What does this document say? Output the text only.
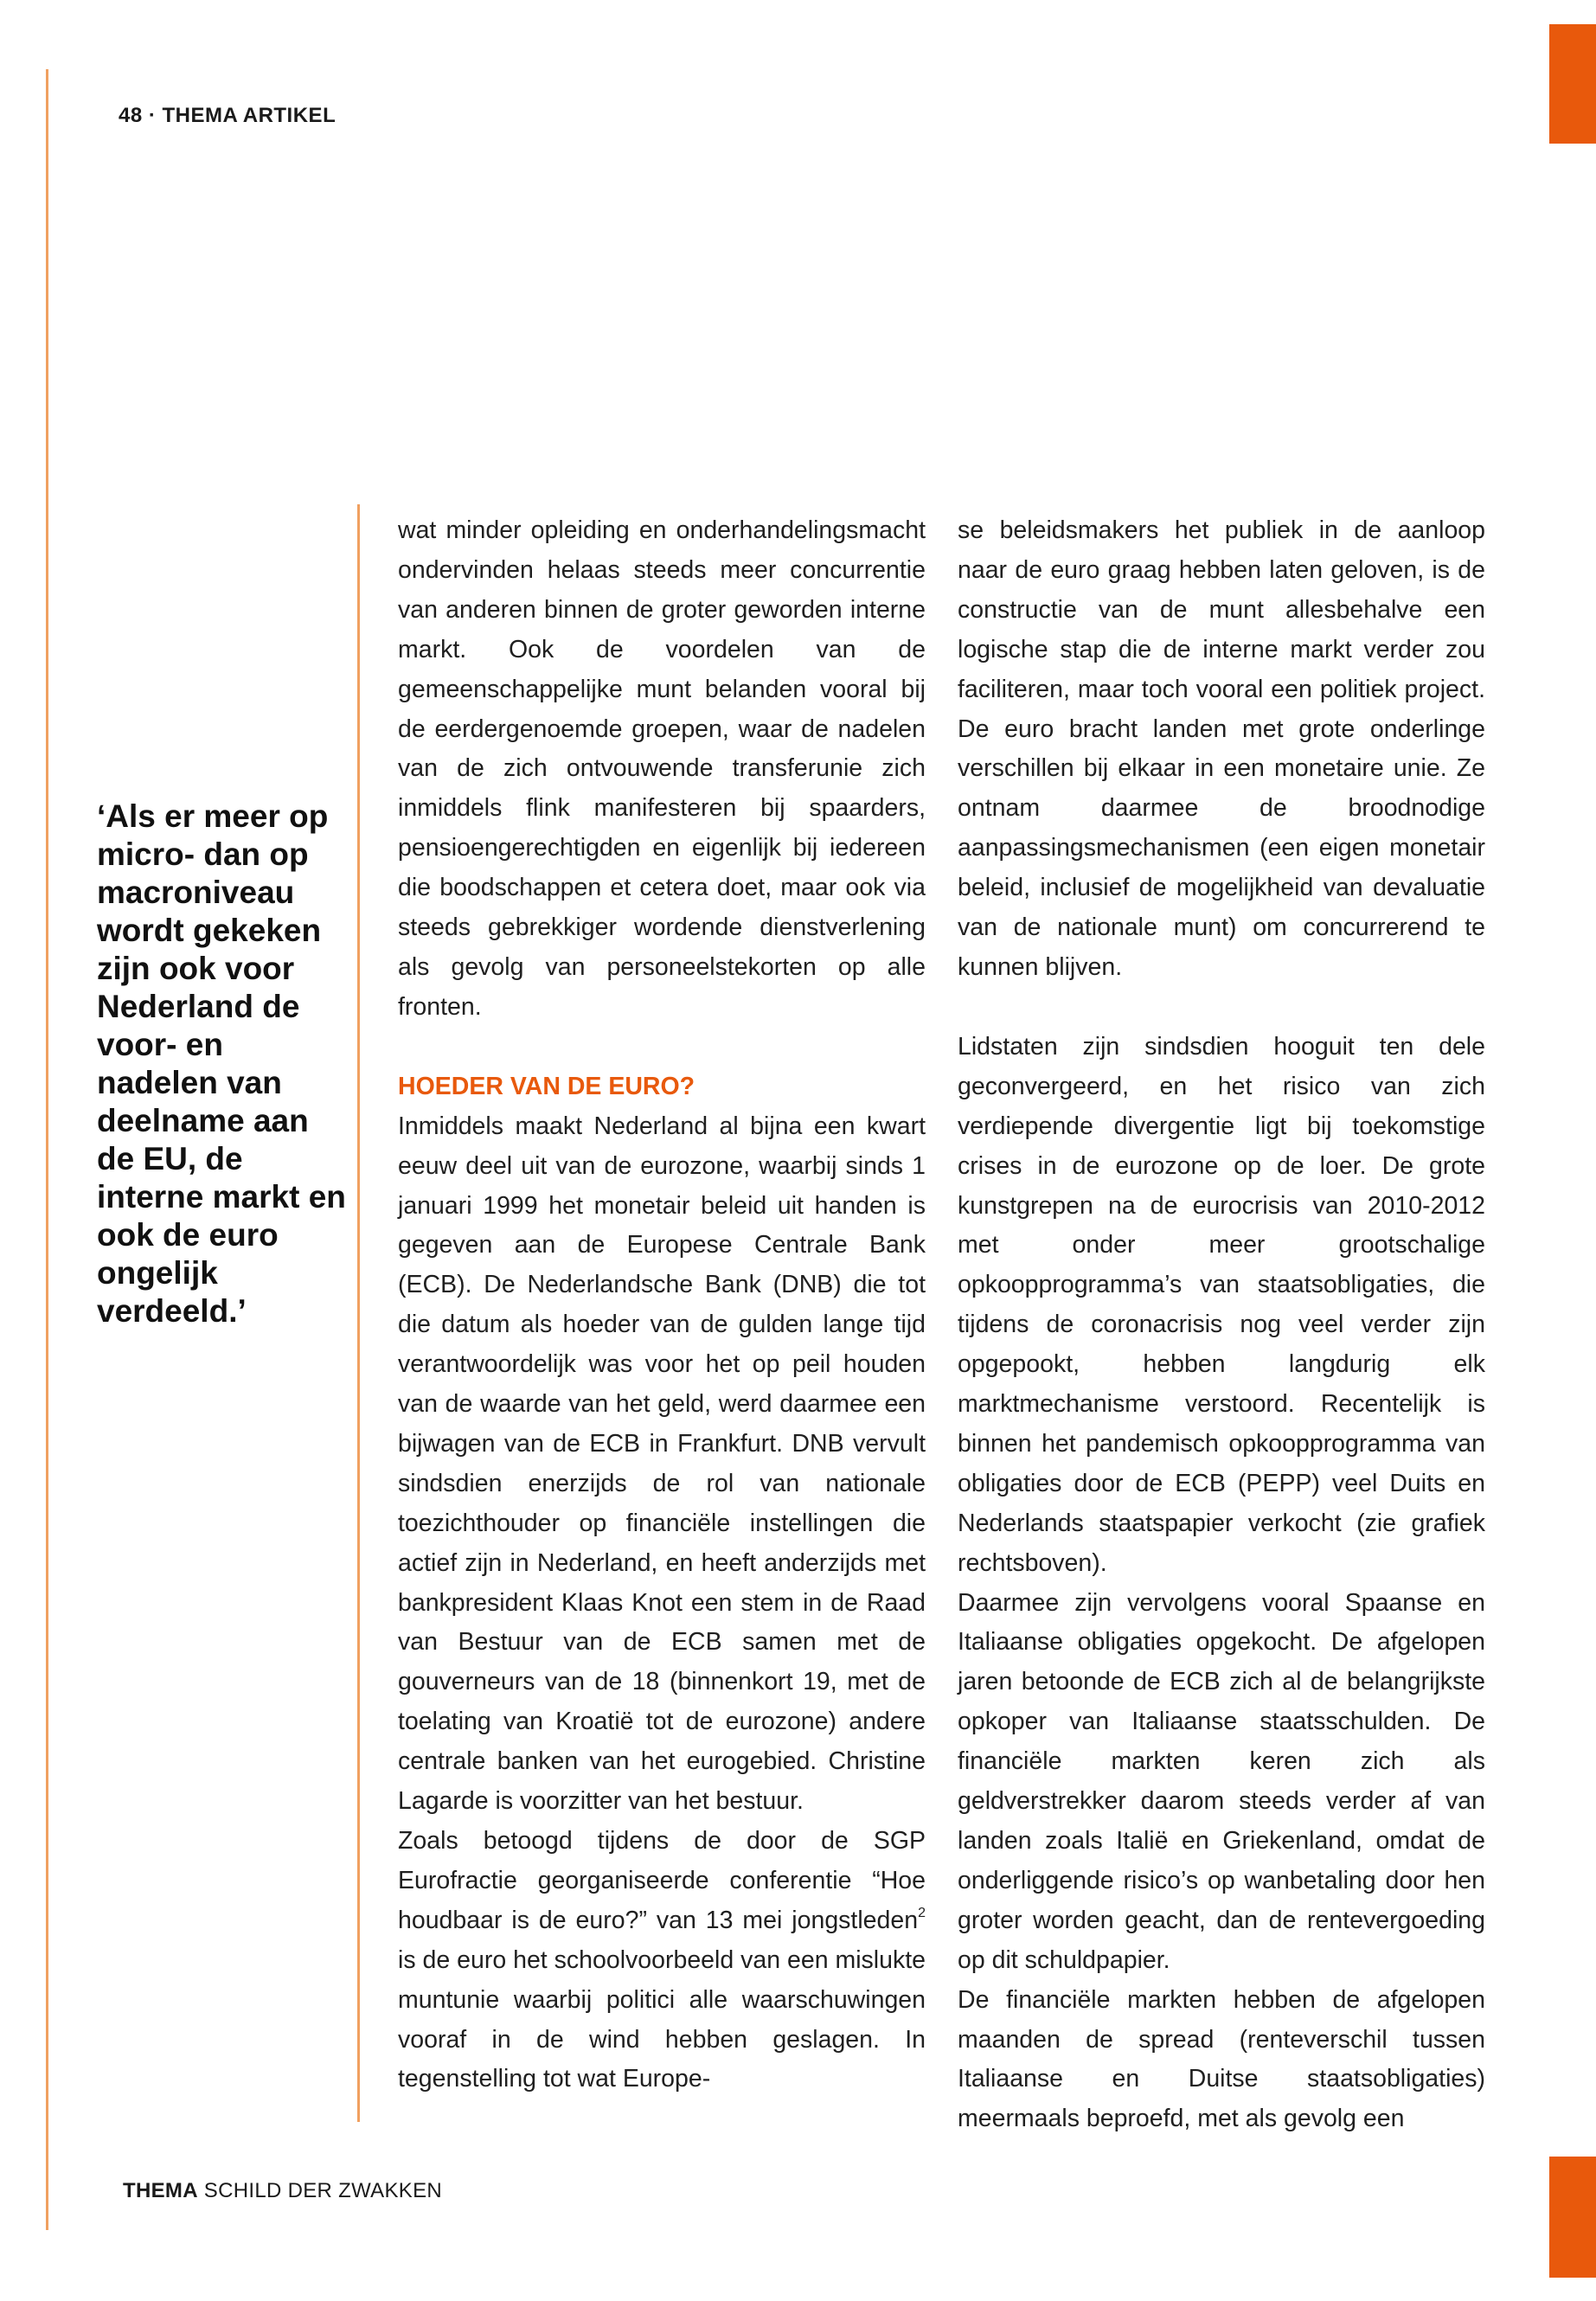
48 · THEMA ARTIKEL
‘Als er meer op micro- dan op macroniveau wordt gekeken zijn ook voor Nederland de voor- en nadelen van deelname aan de EU, de interne markt en ook de euro ongelijk verdeeld.’

wat minder opleiding en onderhandelingsmacht ondervinden helaas steeds meer concurrentie van anderen binnen de groter geworden interne markt. Ook de voordelen van de gemeenschappelijke munt belanden vooral bij de eerdergenoemde groepen, waar de nadelen van de zich ontvouwende transferunie zich inmiddels flink manifesteren bij spaarders, pensioengerechtigden en eigenlijk bij iedereen die boodschappen et cetera doet, maar ook via steeds gebrekkiger wordende dienstverlening als gevolg van personeelstekorten op alle fronten.

HOEDER VAN DE EURO?

Inmiddels maakt Nederland al bijna een kwart eeuw deel uit van de eurozone, waarbij sinds 1 januari 1999 het monetair beleid uit handen is gegeven aan de Europese Centrale Bank (ECB). De Nederlandsche Bank (DNB) die tot die datum als hoeder van de gulden lange tijd verantwoordelijk was voor het op peil houden van de waarde van het geld, werd daarmee een bijwagen van de ECB in Frankfurt. DNB vervult sindsdien enerzijds de rol van nationale toezichthouder op financiële instellingen die actief zijn in Nederland, en heeft anderzijds met bankpresident Klaas Knot een stem in de Raad van Bestuur van de ECB samen met de gouverneurs van de 18 (binnenkort 19, met de toelating van Kroatië tot de eurozone) andere centrale banken van het eurogebied. Christine Lagarde is voorzitter van het bestuur.

Zoals betoogd tijdens de door de SGP Eurofractie georganiseerde conferentie “Hoe houdbaar is de euro?” van 13 mei jongstleden$^2$ is de euro het schoolvoorbeeld van een mislukte muntunie waarbij politici alle waarschuwingen vooraf in de wind hebben geslagen. In tegenstelling tot wat Europe-

se beleidsmakers het publiek in de aanloop naar de euro graag hebben laten geloven, is de constructie van de munt allesbehalve een logische stap die de interne markt verder zou faciliteren, maar toch vooral een politiek project. De euro bracht landen met grote onderlinge verschillen bij elkaar in een monetaire unie. Ze ontnam daarmee de broodnodige aanpassingsmechanismen (een eigen monetair beleid, inclusief de mogelijkheid van devaluatie van de nationale munt) om concurrerend te kunnen blijven.

Lidstaten zijn sindsdien hooguit ten dele geconvergeerd, en het risico van zich verdiepende divergentie ligt bij toekomstige crises in de eurozone op de loer. De grote kunstgrepen na de eurocrisis van 2010-2012 met onder meer grootschalige opkoopprogramma’s van staatsobligaties, die tijdens de coronacrisis nog veel verder zijn opgepookt, hebben langdurig elk marktmechanisme verstoord. Recentelijk is binnen het pandemisch opkoopprogramma van obligaties door de ECB (PEPP) veel Duits en Nederlands staatspapier verkocht (zie grafiek rechtsboven).

Daarmee zijn vervolgens vooral Spaanse en Italiaanse obligaties opgekocht. De afgelopen jaren betoonde de ECB zich al de belangrijkste opkoper van Italiaanse staatsschulden. De financiële markten keren zich als geldverstrekker daarom steeds verder af van landen zoals Italië en Griekenland, omdat de onderliggende risico’s op wanbetaling door hen groter worden geacht, dan de rentevergoeding op dit schuldpapier.

De financiële markten hebben de afgelopen maanden de spread (renteverschil tussen Italiaanse en Duitse staatsobligaties) meermaals beproefd, met als gevolg een

THEMA SCHILD DER ZWAKKEN
